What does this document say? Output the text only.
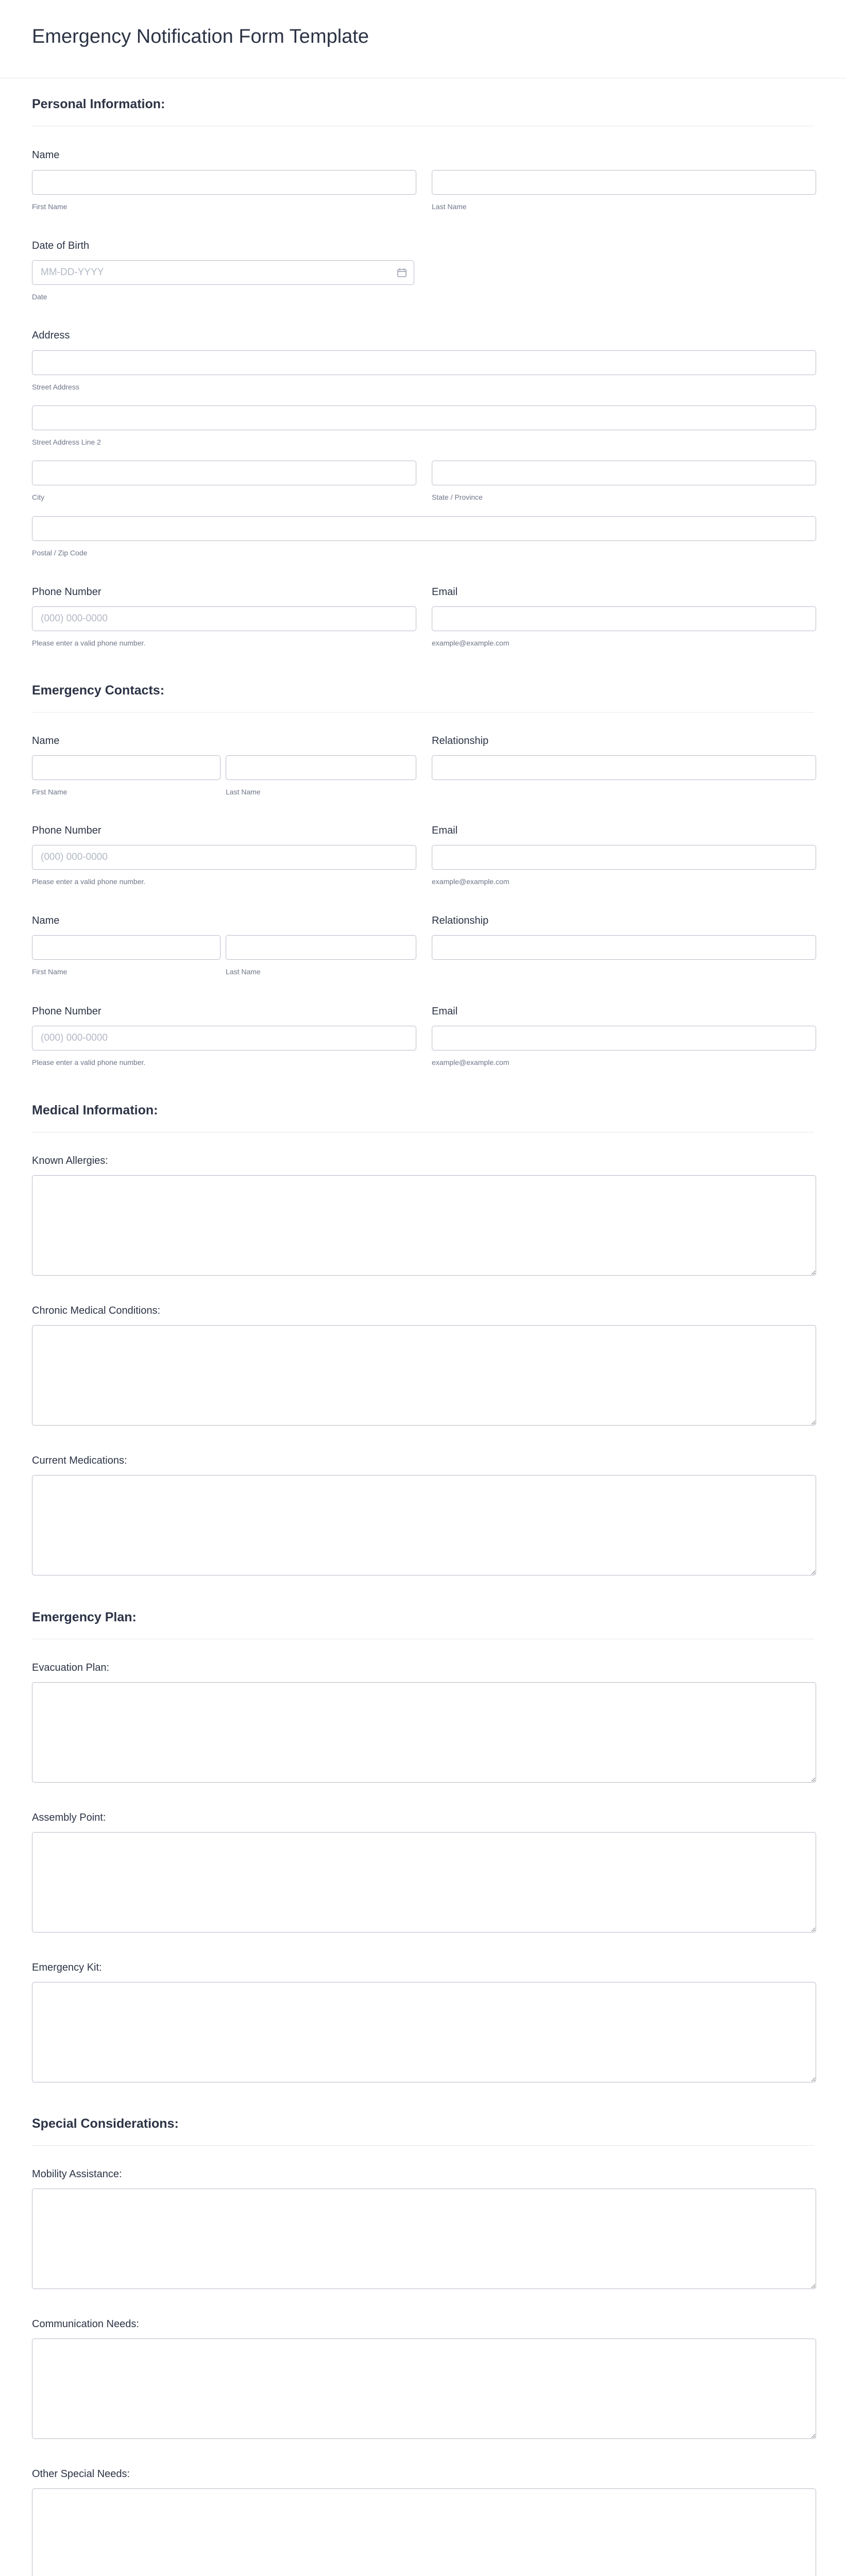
Emergency Notification Form Template
Personal Information:
Name
First Name	Last Name
Date of Birth
MM-DD-YYYY
Date
Address
Street Address
Street Address Line 2
City	State / Province
Postal / Zip Code
Phone Number	Email
(000) 000-0000
Please enter a valid phone number.	example@example.com
Emergency Contacts:
Name	Relationship
First Name	Last Name
Phone Number	Email
(000) 000-0000
Please enter a valid phone number.	example@example.com
Name	Relationship
First Name	Last Name
Phone Number	Email
(000) 000-0000
Please enter a valid phone number.	example@example.com
Medical Information:
Known Allergies:
Chronic Medical Conditions:
Current Medications:
Emergency Plan:
Evacuation Plan:
Assembly Point:
Emergency Kit:
Special Considerations:
Mobility Assistance:
Communication Needs:
Other Special Needs:
